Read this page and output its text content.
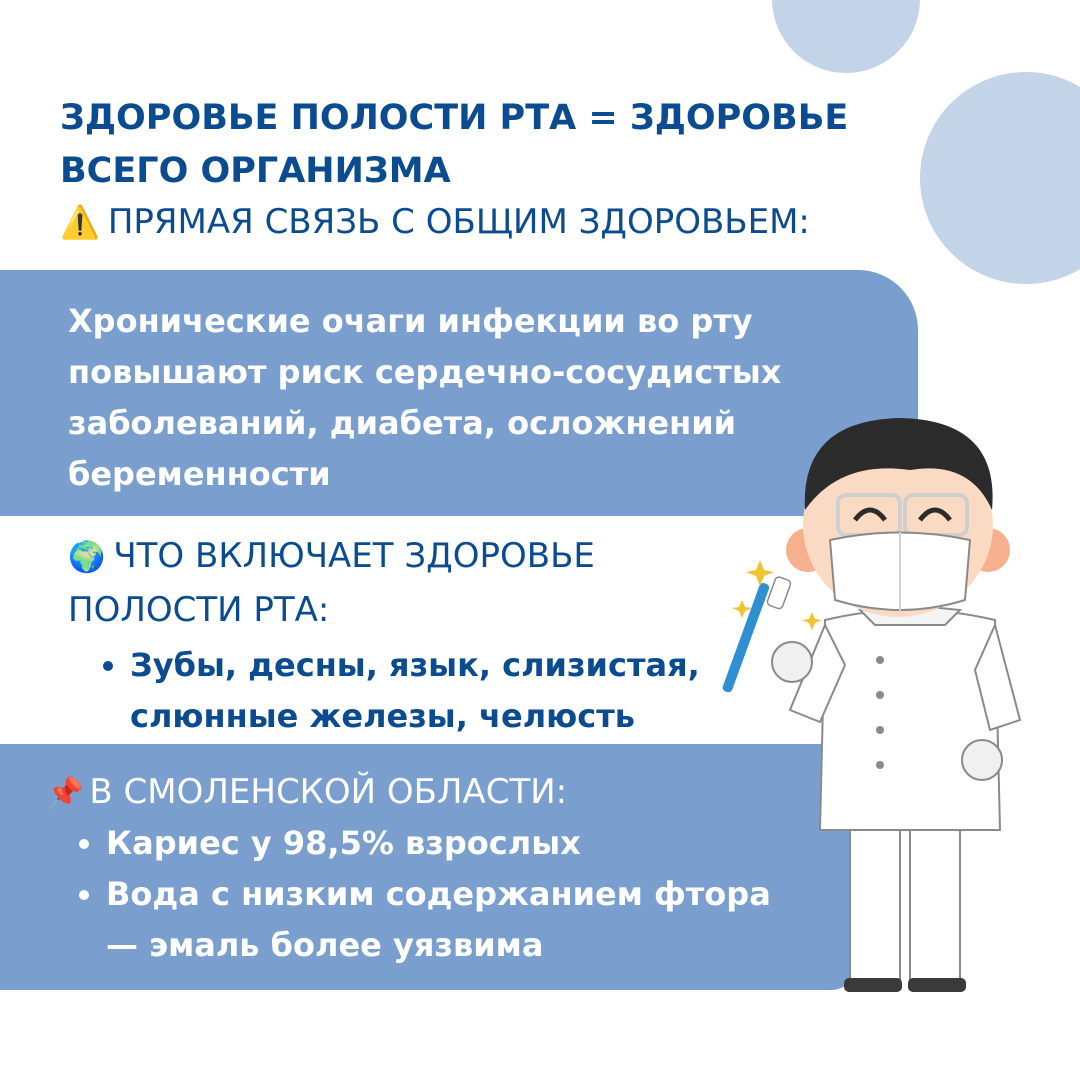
ЗДОРОВЬЕ ПОЛОСТИ РТА = ЗДОРОВЬЕ ВСЕГО ОРГАНИЗМА

⚠️ ПРЯМАЯ СВЯЗЬ С ОБЩИМ ЗДОРОВЬЕМ:

Хронические очаги инфекции во рту повышают риск сердечно-сосудистых заболеваний, диабета, осложнений беременности

🌍 ЧТО ВКЛЮЧАЕТ ЗДОРОВЬЕ ПОЛОСТИ РТА:

• Зубы, десны, язык, слизистая, слюнные железы, челюсть

📌 В СМОЛЕНСКОЙ ОБЛАСТИ:

• Кариес у 98,5% взрослых
• Вода с низким содержанием фтора — эмаль более уязвима
